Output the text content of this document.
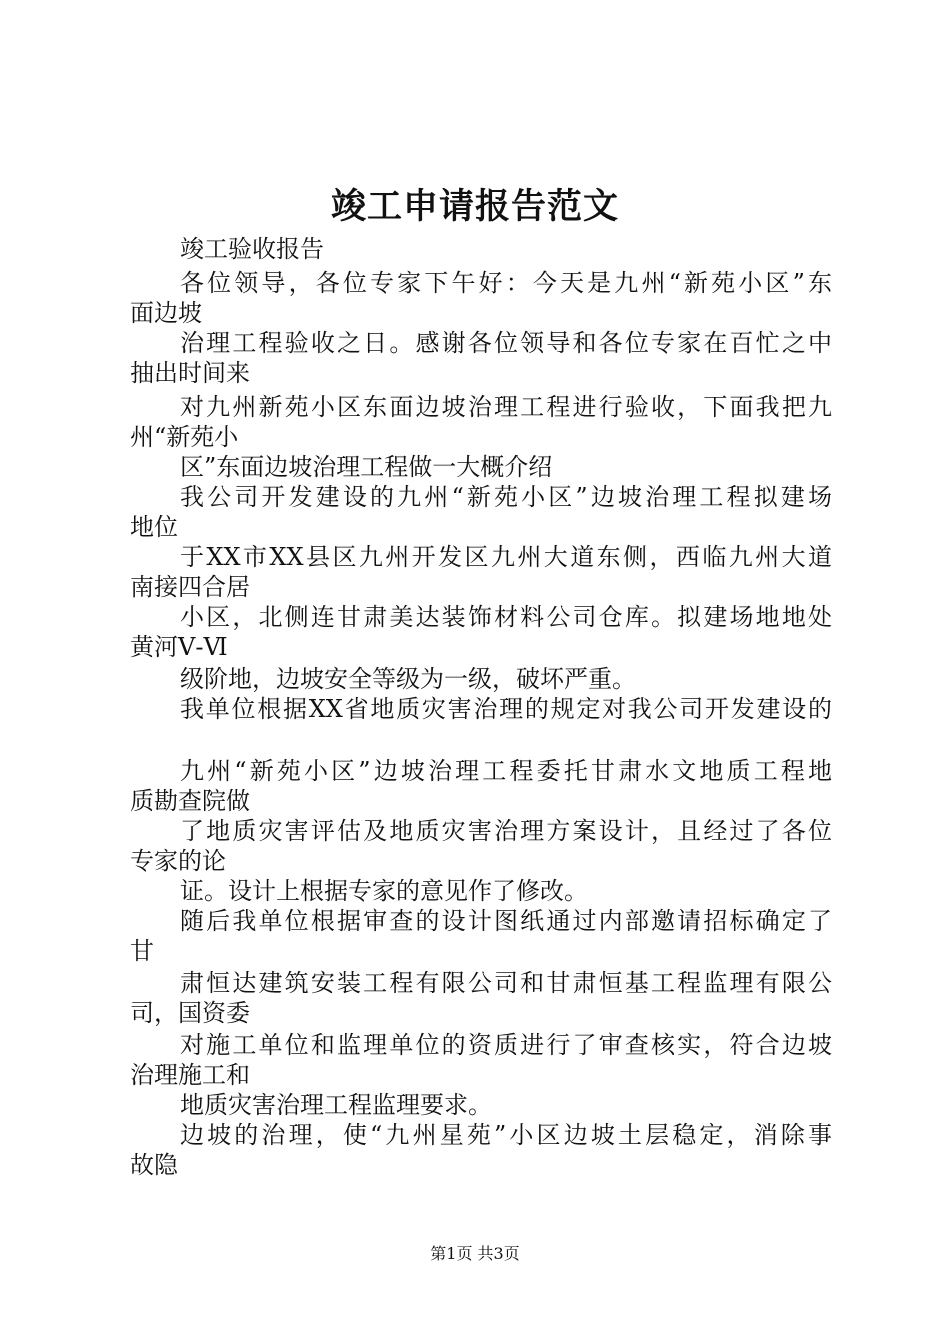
竣工申请报告范文
竣工验收报告
各位领导，各位专家下午好：今天是九州“新苑小区”东
面边坡
治理工程验收之日。感谢各位领导和各位专家在百忙之中
抽出时间来
对九州新苑小区东面边坡治理工程进行验收，下面我把九
州“新苑小
区”东面边坡治理工程做一大概介绍
我公司开发建设的九州“新苑小区”边坡治理工程拟建场
地位
于XX市XX县区九州开发区九州大道东侧，西临九州大道
南接四合居
小区，北侧连甘肃美达装饰材料公司仓库。拟建场地地处
黄河Ⅴ-Ⅵ
级阶地，边坡安全等级为一级，破坏严重。
我单位根据XX省地质灾害治理的规定对我公司开发建设的
九州“新苑小区”边坡治理工程委托甘肃水文地质工程地
质勘查院做
了地质灾害评估及地质灾害治理方案设计，且经过了各位
专家的论
证。设计上根据专家的意见作了修改。
随后我单位根据审查的设计图纸通过内部邀请招标确定了
甘
肃恒达建筑安装工程有限公司和甘肃恒基工程监理有限公
司，国资委
对施工单位和监理单位的资质进行了审查核实，符合边坡
治理施工和
地质灾害治理工程监理要求。
边坡的治理，使“九州星苑”小区边坡土层稳定，消除事
故隐
第1页 共3页
